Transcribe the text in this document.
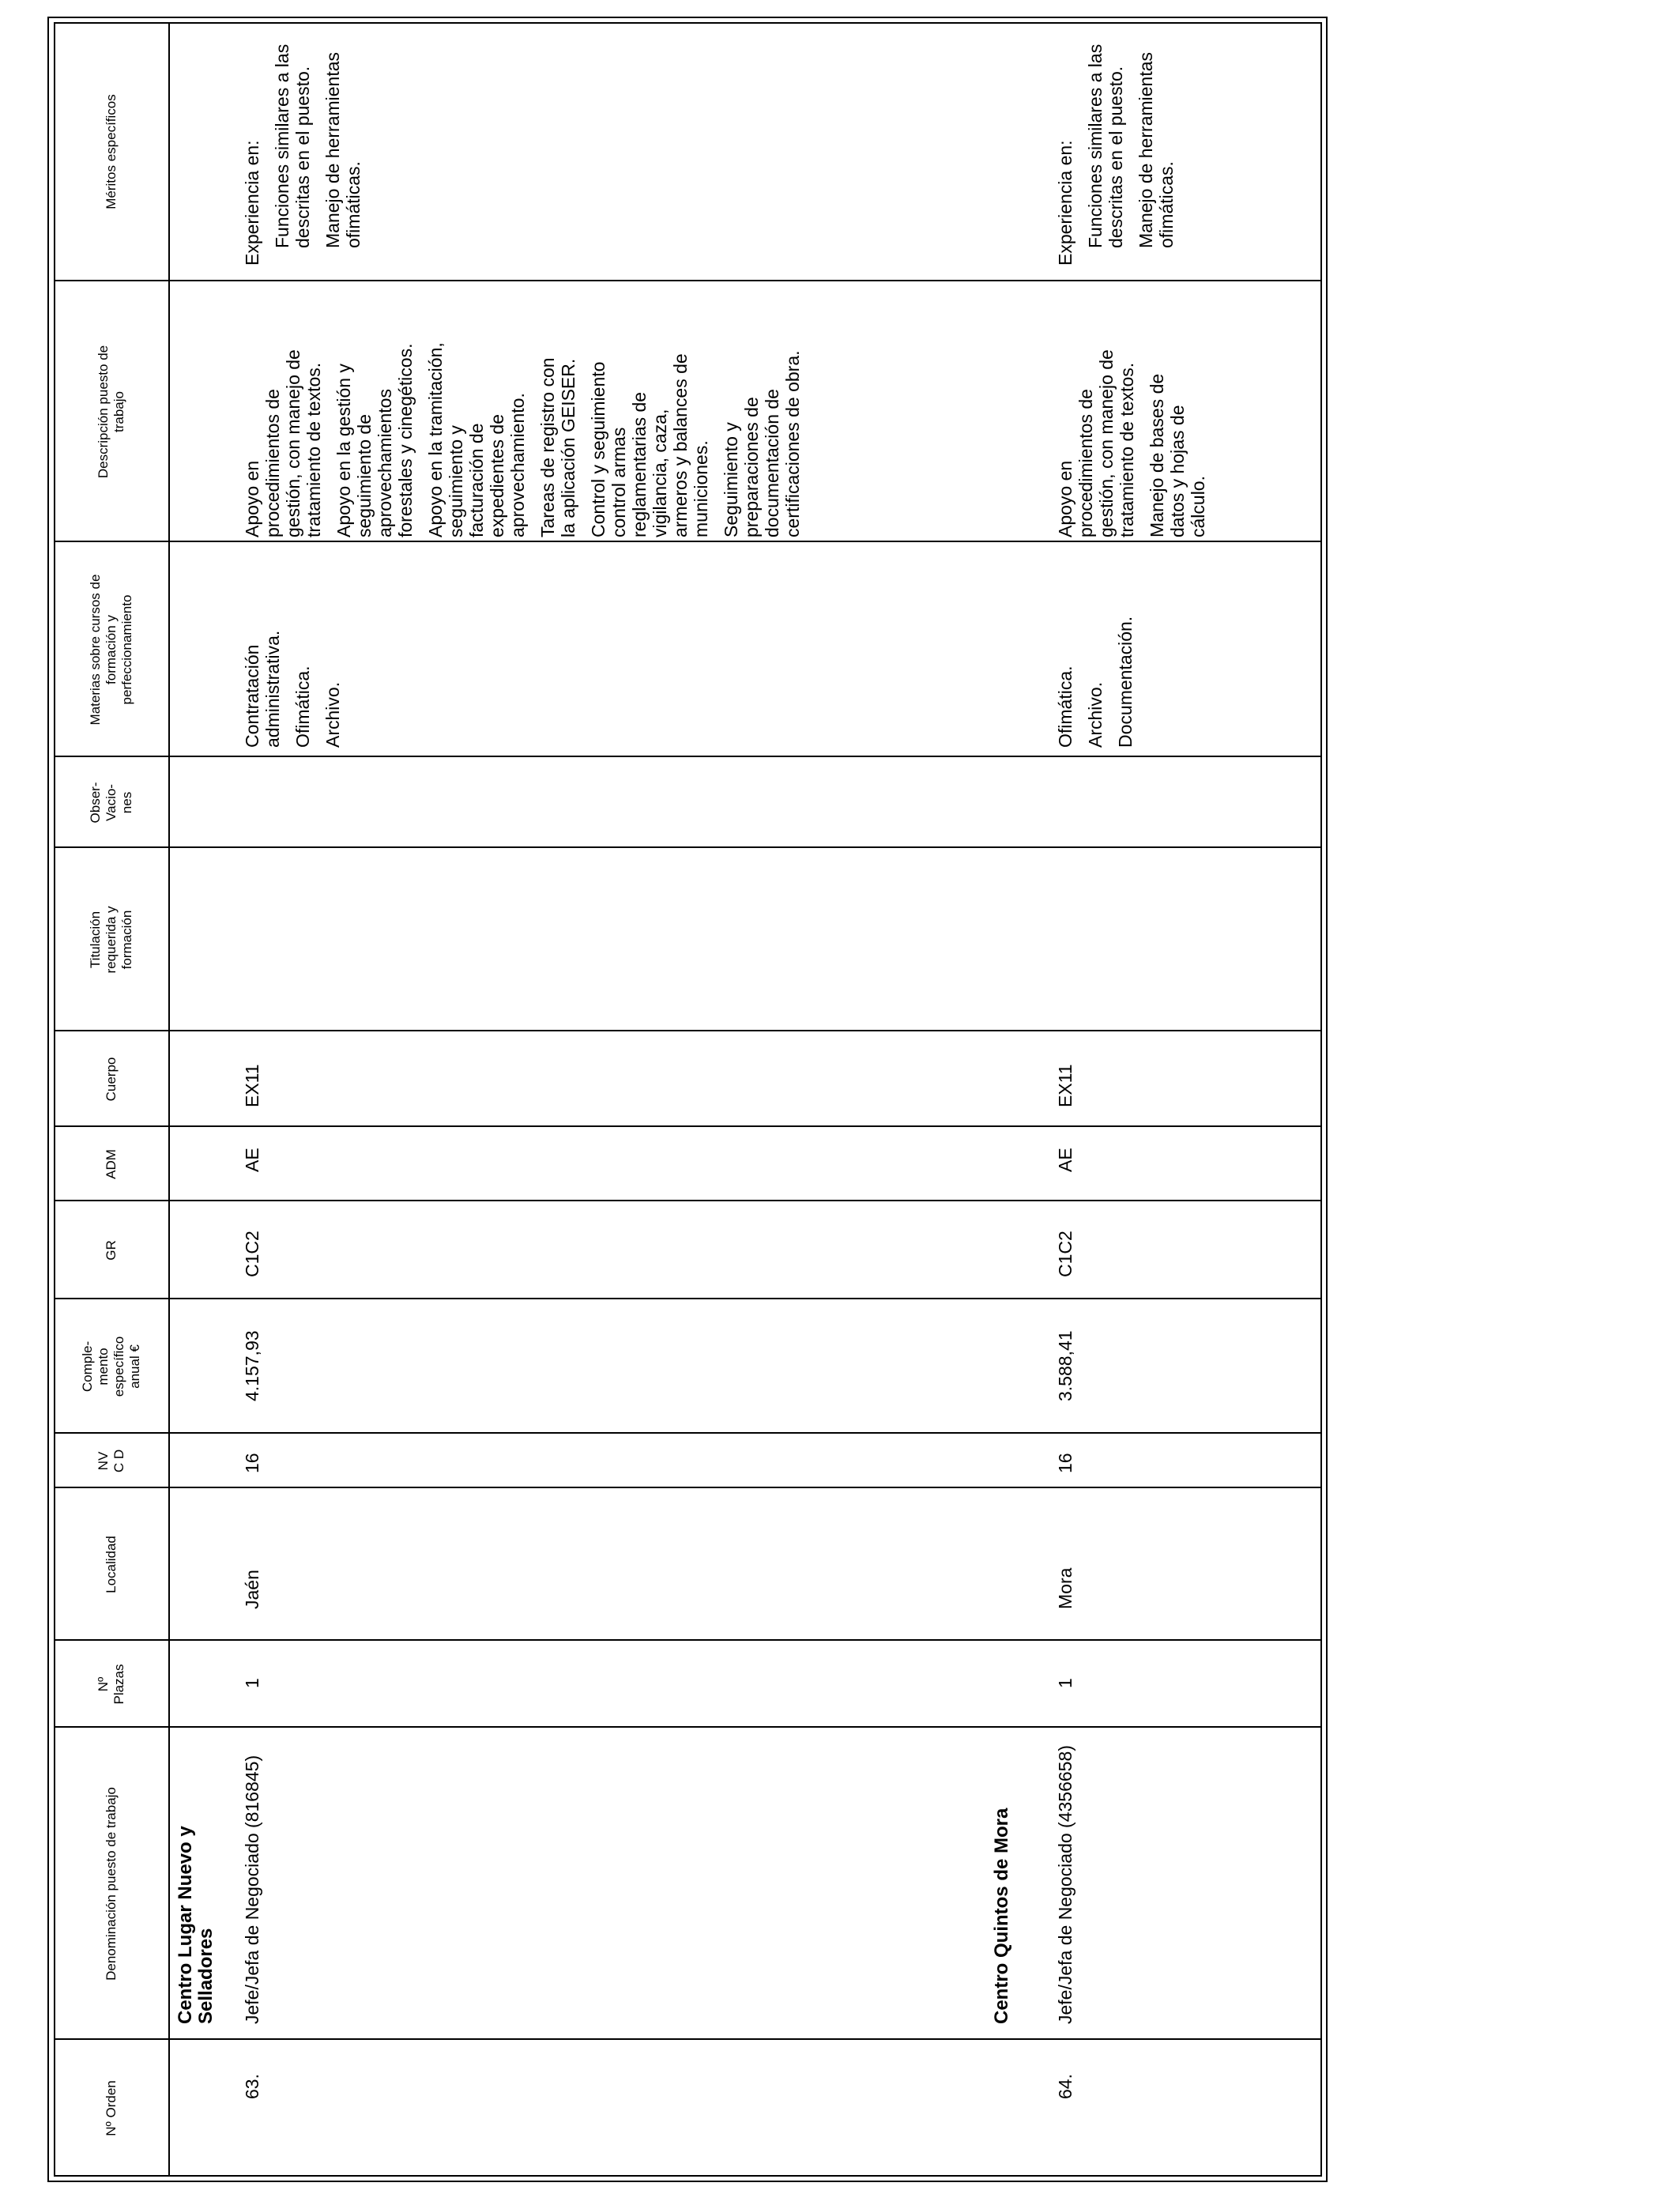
Nº Orden
Denominación puesto de trabajo
Nº Plazas
Localidad
NV C D
Comple- mento específico anual €
GR
ADM
Cuerpo
Titulación requerida y formación
Obser- Vacio- nes
Materias sobre cursos de formación y perfeccionamiento
Descripción puesto de trabajo
Méritos específicos
Centro Lugar Nuevo y Selladores
63.
Jefe/Jefa de Negociado (816845)
1
Jaén
16
4.157,93
C1C2
AE
EX11

Contratación administrativa. Ofimática. Archivo.

Apoyo en procedimientos de gestión, con manejo de tratamiento de textos. Apoyo en la gestión y seguimiento de aprovechamientos forestales y cinegéticos. Apoyo en la tramitación, seguimiento y facturación de expedientes de aprovechamiento. Tareas de registro con la aplicación GEISER. Control y seguimiento control armas reglamentarias de vigilancia, caza, armeros y balances de municiones. Seguimiento y preparaciones de documentación de certificaciones de obra.

Experiencia en: Funciones similares a las descritas en el puesto. Manejo de herramientas ofimáticas.

Centro Quintos de Mora
64.
Jefe/Jefa de Negociado (4356658)
1
Mora
16
3.588,41
C1C2
AE
EX11

Ofimática. Archivo. Documentación.

Apoyo en procedimientos de gestión, con manejo de tratamiento de textos. Manejo de bases de datos y hojas de cálculo.

Experiencia en: Funciones similares a las descritas en el puesto. Manejo de herramientas ofimáticas.
